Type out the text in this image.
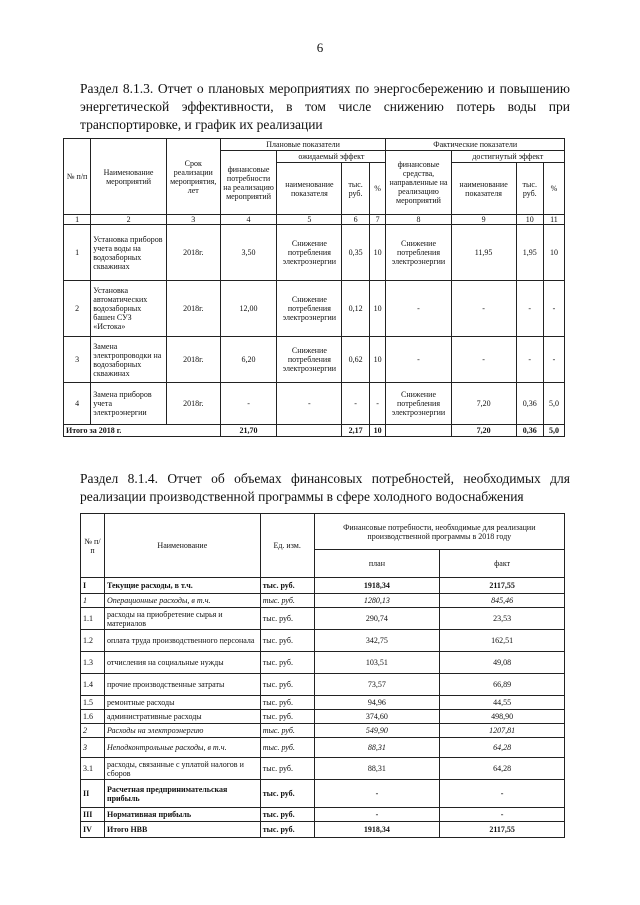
6
Раздел 8.1.3. Отчет о плановых мероприятиях по энергосбережению и повышению энергетической эффективности, в том числе снижению потерь воды при транспортировке, и график их реализации
№ п/п	Наименование мероприятий	Срок реализации мероприятия, лет	Плановые показатели				Фактические показатели			
			финансовые потребности на реализацию мероприятий	ожидаемый эффект			финансовые средства, направленные на реализацию мероприятий	достигнутый эффект		
				наименование показателя	тыс. руб.	%		наименование показателя	тыс. руб.	%
1	2	3	4	5	6	7	8	9	10	11
1	Установка приборов учета воды на водозаборных скважинах	2018г.	3,50	Снижение потребления электроэнергии	0,35	10	Снижение потребления электроэнергии	11,95	1,95	10
2	Установка автоматических водозаборных башен СУЗ «Истока»	2018г.	12,00	Снижение потребления электроэнергии	0,12	10	-	-	-	-
3	Замена электропроводки на водозаборных скважинах	2018г.	6,20	Снижение потребления электроэнергии	0,62	10	-	-	-	-
4	Замена приборов учета электроэнергии	2018г.	-	-	-	-	Снижение потребления электроэнергии	7,20	0,36	5,0
Итого за 2018 г.			21,70		2,17	10		7,20	0,36	5,0
Раздел 8.1.4. Отчет об объемах финансовых потребностей, необходимых для реализации производственной программы в сфере холодного водоснабжения
№ п/п	Наименование	Ед. изм.	Финансовые потребности, необходимые для реализации производственной программы в 2018 году	
			план	факт
I	Текущие расходы, в т.ч.	тыс. руб.	1918,34	2117,55
1	Операционные расходы, в т.ч.	тыс. руб.	1280,13	845,46
1.1	расходы на приобретение сырья и материалов	тыс. руб.	290,74	23,53
1.2	оплата труда производственного персонала	тыс. руб.	342,75	162,51
1.3	отчисления на социальные нужды	тыс. руб.	103,51	49,08
1.4	прочие производственные затраты	тыс. руб.	73,57	66,89
1.5	ремонтные расходы	тыс. руб.	94,96	44,55
1.6	административные расходы	тыс. руб.	374,60	498,90
2	Расходы на электроэнергию	тыс. руб.	549,90	1207,81
3	Неподконтрольные расходы, в т.ч.	тыс. руб.	88,31	64,28
3.1	расходы, связанные с уплатой налогов и сборов	тыс. руб.	88,31	64,28
II	Расчетная предпринимательская прибыль	тыс. руб.	-	-
III	Нормативная прибыль	тыс. руб.	-	-
IV	Итого НВВ	тыс. руб.	1918,34	2117,55
